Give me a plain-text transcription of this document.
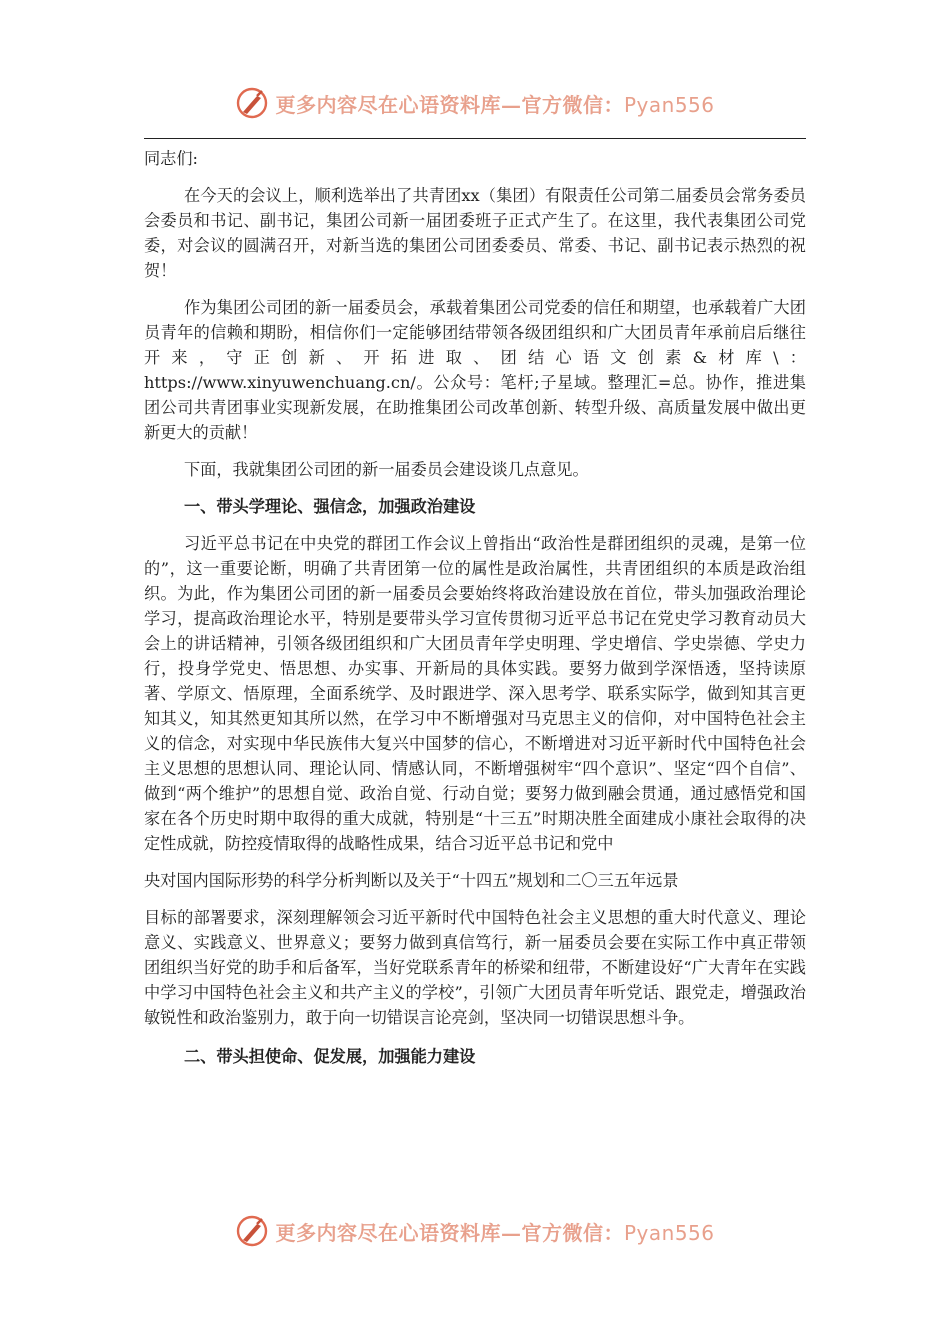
更多内容尽在心语资料库—官方微信：Pyan556

同志们:

在今天的会议上，顺利选举出了共青团xx（集团）有限责任公司第二届委员会常务委员会委员和书记、副书记，集团公司新一届团委班子正式产生了。在这里，我代表集团公司党委，对会议的圆满召开，对新当选的集团公司团委委员、常委、书记、副书记表示热烈的祝贺！

作为集团公司团的新一届委员会，承载着集团公司党委的信任和期望，也承载着广大团员青年的信赖和期盼，相信你们一定能够团结带领各级团组织和广大团员青年承前启后继往开来，守正创新、开拓进取、团结心语文创素&材库\：https://www.xinyuwenchuang.cn/。公众号：笔杆;子星域。整理汇=总。协作，推进集团公司共青团事业实现新发展，在助推集团公司改革创新、转型升级、高质量发展中做出更新更大的贡献！

下面，我就集团公司团的新一届委员会建设谈几点意见。

一、带头学理论、强信念，加强政治建设

习近平总书记在中央党的群团工作会议上曾指出“政治性是群团组织的灵魂，是第一位的”，这一重要论断，明确了共青团第一位的属性是政治属性，共青团组织的本质是政治组织。为此，作为集团公司团的新一届委员会要始终将政治建设放在首位，带头加强政治理论学习，提高政治理论水平，特别是要带头学习宣传贯彻习近平总书记在党史学习教育动员大会上的讲话精神，引领各级团组织和广大团员青年学史明理、学史增信、学史崇德、学史力行，投身学党史、悟思想、办实事、开新局的具体实践。要努力做到学深悟透，坚持读原著、学原文、悟原理，全面系统学、及时跟进学、深入思考学、联系实际学，做到知其言更知其义，知其然更知其所以然，在学习中不断增强对马克思主义的信仰，对中国特色社会主义的信念，对实现中华民族伟大复兴中国梦的信心，不断增进对习近平新时代中国特色社会主义思想的思想认同、理论认同、情感认同，不断增强树牢“四个意识”、坚定“四个自信”、做到“两个维护”的思想自觉、政治自觉、行动自觉；要努力做到融会贯通，通过感悟党和国家在各个历史时期中取得的重大成就，特别是“十三五”时期决胜全面建成小康社会取得的决定性成就，防控疫情取得的战略性成果，结合习近平总书记和党中

央对国内国际形势的科学分析判断以及关于“十四五”规划和二〇三五年远景

目标的部署要求，深刻理解领会习近平新时代中国特色社会主义思想的重大时代意义、理论意义、实践意义、世界意义；要努力做到真信笃行，新一届委员会要在实际工作中真正带领团组织当好党的助手和后备军，当好党联系青年的桥梁和纽带，不断建设好“广大青年在实践中学习中国特色社会主义和共产主义的学校”，引领广大团员青年听党话、跟党走，增强政治敏锐性和政治鉴别力，敢于向一切错误言论亮剑，坚决同一切错误思想斗争。

二、带头担使命、促发展，加强能力建设

更多内容尽在心语资料库—官方微信：Pyan556
